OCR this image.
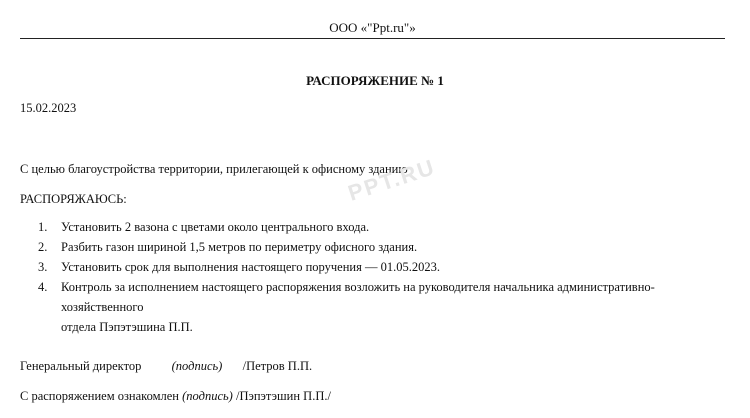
ООО «"Ppt.ru"»
РАСПОРЯЖЕНИЕ № 1
15.02.2023
С целью благоустройства территории, прилегающей к офисному зданию
РАСПОРЯЖАЮСЬ:	PPT.RU
1. Установить 2 вазона с цветами около центрального входа.
2. Разбить газон шириной 1,5 метров по периметру офисного здания.
3. Установить срок для выполнения настоящего поручения — 01.05.2023.
4. Контроль за исполнением настоящего распоряжения возложить на руководителя начальника административно-хозяйственного
отдела Пэпэтэшина П.П.
Генеральный директор (подпись) /Петров П.П.
С распоряжением ознакомлен (подпись) /Пэпэтэшин П.П./
